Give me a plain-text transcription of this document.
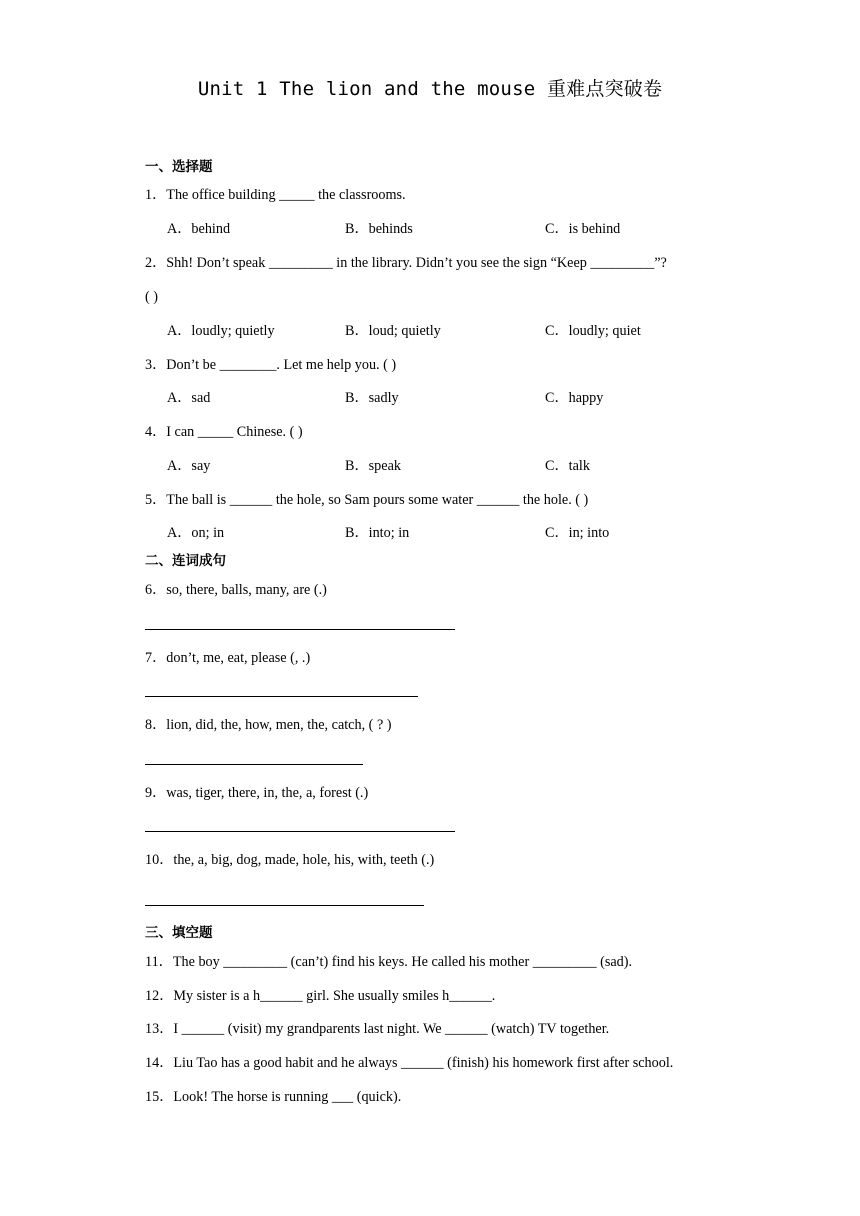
Unit 1 The lion and the mouse 重难点突破卷
一、选择题
1．The office building _____ the classrooms.
A．behind	B．behinds	C．is behind
2．Shh! Don’t speak _________ in the library. Didn’t you see the sign “Keep _________”?
( )
A．loudly; quietly	B．loud; quietly	C．loudly; quiet
3．Don’t be ________. Let me help you. ( )
A．sad	B．sadly	C．happy
4．I can _____ Chinese. ( )
A．say	B．speak	C．talk
5．The ball is ______ the hole, so Sam pours some water ______ the hole. ( )
A．on; in	B．into; in	C．in; into
二、连词成句
6．so, there, balls, many, are (.)
7．don’t, me, eat, please (, .)
8．lion, did, the, how, men, the, catch, ( ? )
9．was, tiger, there, in, the, a, forest (.)
10．the, a, big, dog, made, hole, his, with, teeth (.)
三、填空题
11．The boy _________ (can’t) find his keys. He called his mother _________ (sad).
12．My sister is a h______ girl. She usually smiles h______.
13．I ______ (visit) my grandparents last night. We ______ (watch) TV together.
14．Liu Tao has a good habit and he always ______ (finish) his homework first after school.
15．Look! The horse is running ___ (quick).
